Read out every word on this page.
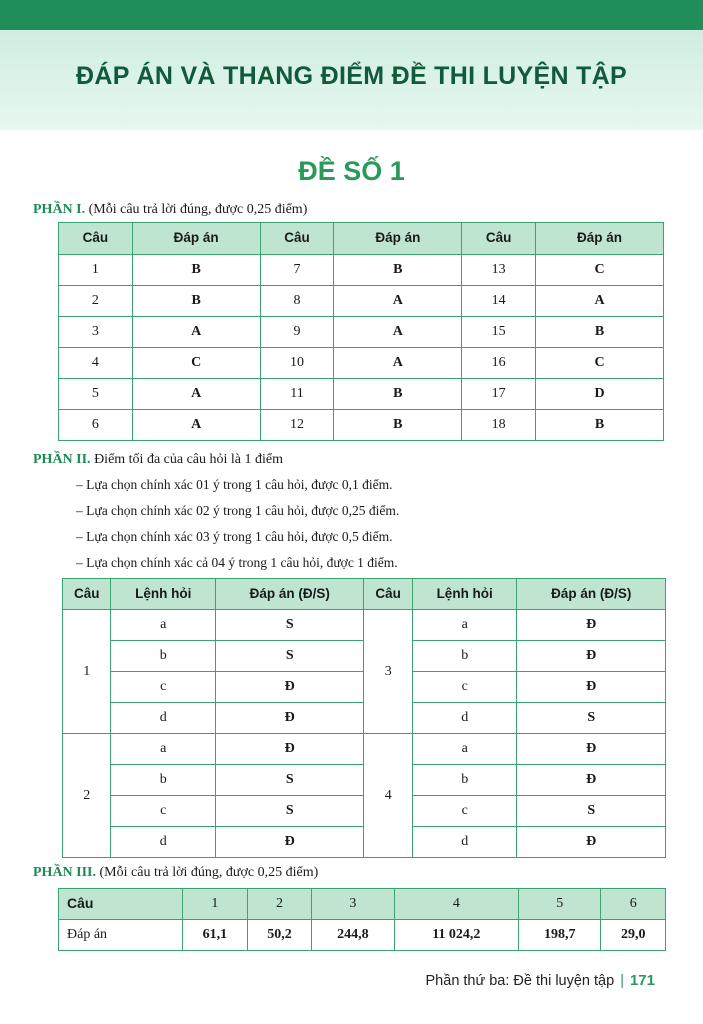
ĐÁP ÁN VÀ THANG ĐIỂM ĐỀ THI LUYỆN TẬP
ĐỀ SỐ 1
PHẦN I. (Mỗi câu trả lời đúng, được 0,25 điểm)
Câu	Đáp án	Câu	Đáp án	Câu	Đáp án
1	B	7	B	13	C
2	B	8	A	14	A
3	A	9	A	15	B
4	C	10	A	16	C
5	A	11	B	17	D
6	A	12	B	18	B
PHẦN II. Điểm tối đa của câu hỏi là 1 điểm
– Lựa chọn chính xác 01 ý trong 1 câu hỏi, được 0,1 điểm.
– Lựa chọn chính xác 02 ý trong 1 câu hỏi, được 0,25 điểm.
– Lựa chọn chính xác 03 ý trong 1 câu hỏi, được 0,5 điểm.
– Lựa chọn chính xác cả 04 ý trong 1 câu hỏi, được 1 điểm.
Câu	Lệnh hỏi	Đáp án (Đ/S)	Câu	Lệnh hỏi	Đáp án (Đ/S)
1	a	S	3	a	Đ
	b	S		b	Đ
	c	Đ		c	Đ
	d	Đ		d	S
2	a	Đ	4	a	Đ
	b	S		b	Đ
	c	S		c	S
	d	Đ		d	Đ
PHẦN III. (Mỗi câu trả lời đúng, được 0,25 điểm)
Câu	1	2	3	4	5	6
Đáp án	61,1	50,2	244,8	11 024,2	198,7	29,0
Phần thứ ba: Đề thi luyện tập | 171
